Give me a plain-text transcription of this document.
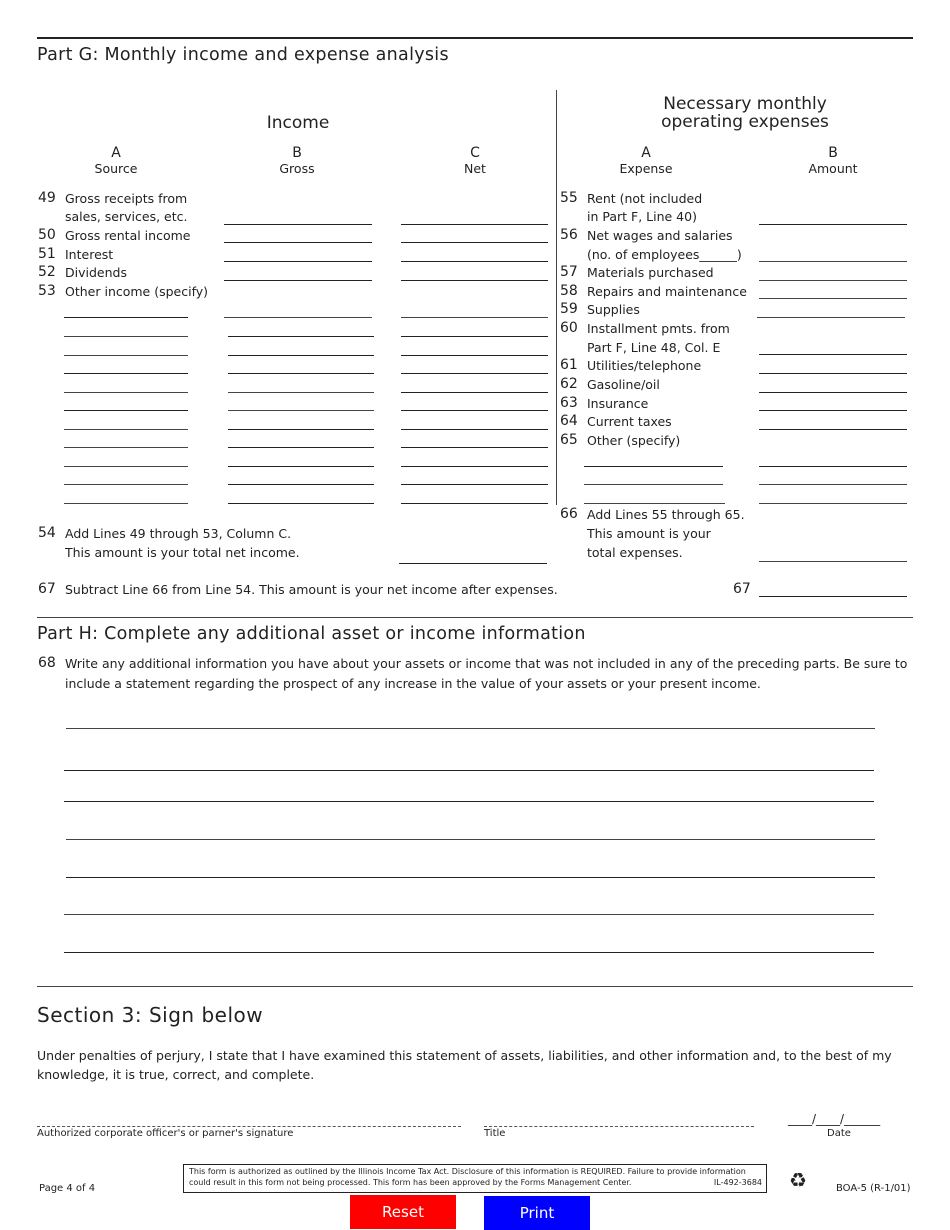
Part G: Monthly income and expense analysis
Income
Necessary monthly
operating expenses
A
Source
B
Gross
C
Net
A
Expense
B
Amount
49 Gross receipts from
sales, services, etc.
50 Gross rental income
51 Interest
52 Dividends
53 Other income (specify)
54 Add Lines 49 through 53, Column C.
This amount is your total net income.
55 Rent (not included
in Part F, Line 40)
56 Net wages and salaries
(no. of employees______)
57 Materials purchased
58 Repairs and maintenance
59 Supplies
60 Installment pmts. from
Part F, Line 48, Col. E
61 Utilities/telephone
62 Gasoline/oil
63 Insurance
64 Current taxes
65 Other (specify)
66 Add Lines 55 through 65.
This amount is your
total expenses.
67 Subtract Line 66 from Line 54. This amount is your net income after expenses.	67
Part H: Complete any additional asset or income information
68 Write any additional information you have about your assets or income that was not included in any of the preceding parts. Be sure to
include a statement regarding the prospect of any increase in the value of your assets or your present income.
Section 3: Sign below
Under penalties of perjury, I state that I have examined this statement of assets, liabilities, and other information and, to the best of my
knowledge, it is true, correct, and complete.
Authorized corporate officer's or parner's signature	Title
____/____/______
Date
Page 4 of 4
This form is authorized as outlined by the Illinois Income Tax Act. Disclosure of this information is REQUIRED. Failure to provide information
could result in this form not being processed. This form has been approved by the Forms Management Center.	IL-492-3684 ♻	BOA-5 (R-1/01)
Reset	Print
